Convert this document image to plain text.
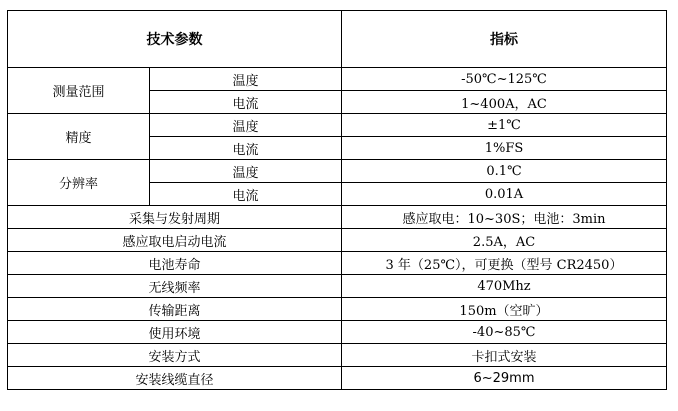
技术参数		指标
测量范围	温度	-50℃~125℃
	电流	1~400A，AC
精度	温度	±1℃
	电流	1%FS
分辨率	温度	0.1℃
	电流	0.01A
采集与发射周期		感应取电：10~30S；电池：3min
感应取电启动电流		2.5A，AC
电池寿命		3 年（25℃），可更换（型号 CR2450）
无线频率		470Mhz
传输距离		150m（空旷）
使用环境		-40~85℃
安装方式		卡扣式安装
安装线缆直径		6~29mm
